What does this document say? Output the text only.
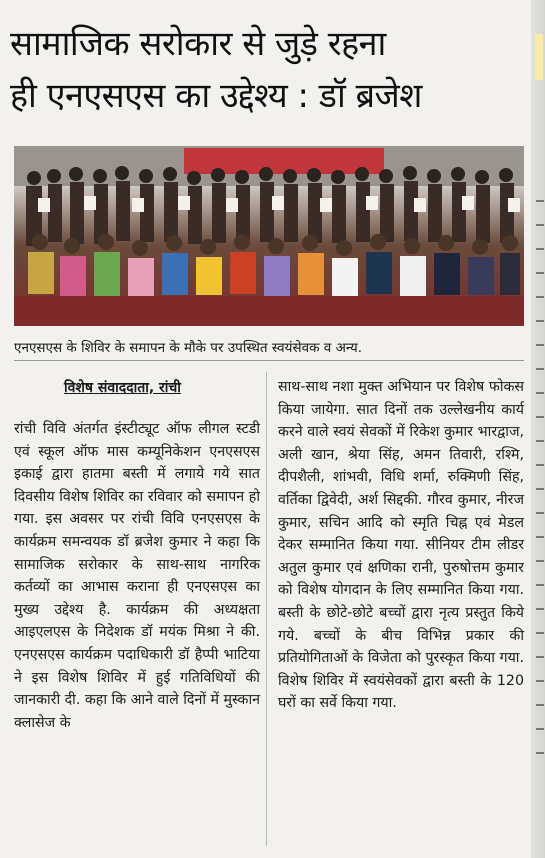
सामाजिक सरोकार से जुड़े रहना
ही एनएसएस का उद्देश्य : डॉ ब्रजेश
एनएसएस के शिविर के समापन के मौके पर उपस्थित स्वयंसेवक व अन्य.
विशेष संवाददाता, रांची

रांची विवि अंतर्गत इंस्टीट्यूट ऑफ लीगल स्टडी एवं स्कूल ऑफ मास कम्यूनिकेशन एनएसएस इकाई द्वारा हातमा बस्ती में लगाये गये सात दिवसीय विशेष शिविर का रविवार को समापन हो गया. इस अवसर पर रांची विवि एनएसएस के कार्यक्रम समन्वयक डॉ ब्रजेश कुमार ने कहा कि सामाजिक सरोकार के साथ-साथ नागरिक कर्तव्यों का आभास कराना ही एनएसएस का मुख्य उद्देश्य है. कार्यक्रम की अध्यक्षता आइएलएस के निदेशक डॉ मयंक मिश्रा ने की. एनएसएस कार्यक्रम पदाधिकारी डॉ हैप्पी भाटिया ने इस विशेष शिविर में हुई गतिविधियों की जानकारी दी. कहा कि आने वाले दिनों में मुस्कान क्लासेज के

साथ-साथ नशा मुक्त अभियान पर विशेष फोकस किया जायेगा. सात दिनों तक उल्लेखनीय कार्य करने वाले स्वयं सेवकों में रिकेश कुमार भारद्वाज, अली खान, श्रेया सिंह, अमन तिवारी, रश्मि, दीपशैली, शांभवी, विधि शर्मा, रुक्मिणी सिंह, वर्तिका द्विवेदी, अर्श सिद्दकी. गौरव कुमार, नीरज कुमार, सचिन आदि को स्मृति चिह्न एवं मेडल देकर सम्मानित किया गया. सीनियर टीम लीडर अतुल कुमार एवं क्षणिका रानी, पुरुषोत्तम कुमार को विशेष योगदान के लिए सम्मानित किया गया. बस्ती के छोटे-छोटे बच्चों द्वारा नृत्य प्रस्तुत किये गये. बच्चों के बीच विभिन्न प्रकार की प्रतियोगिताओं के विजेता को पुरस्कृत किया गया. विशेष शिविर में स्वयंसेवकों द्वारा बस्ती के 120 घरों का सर्वे किया गया.
